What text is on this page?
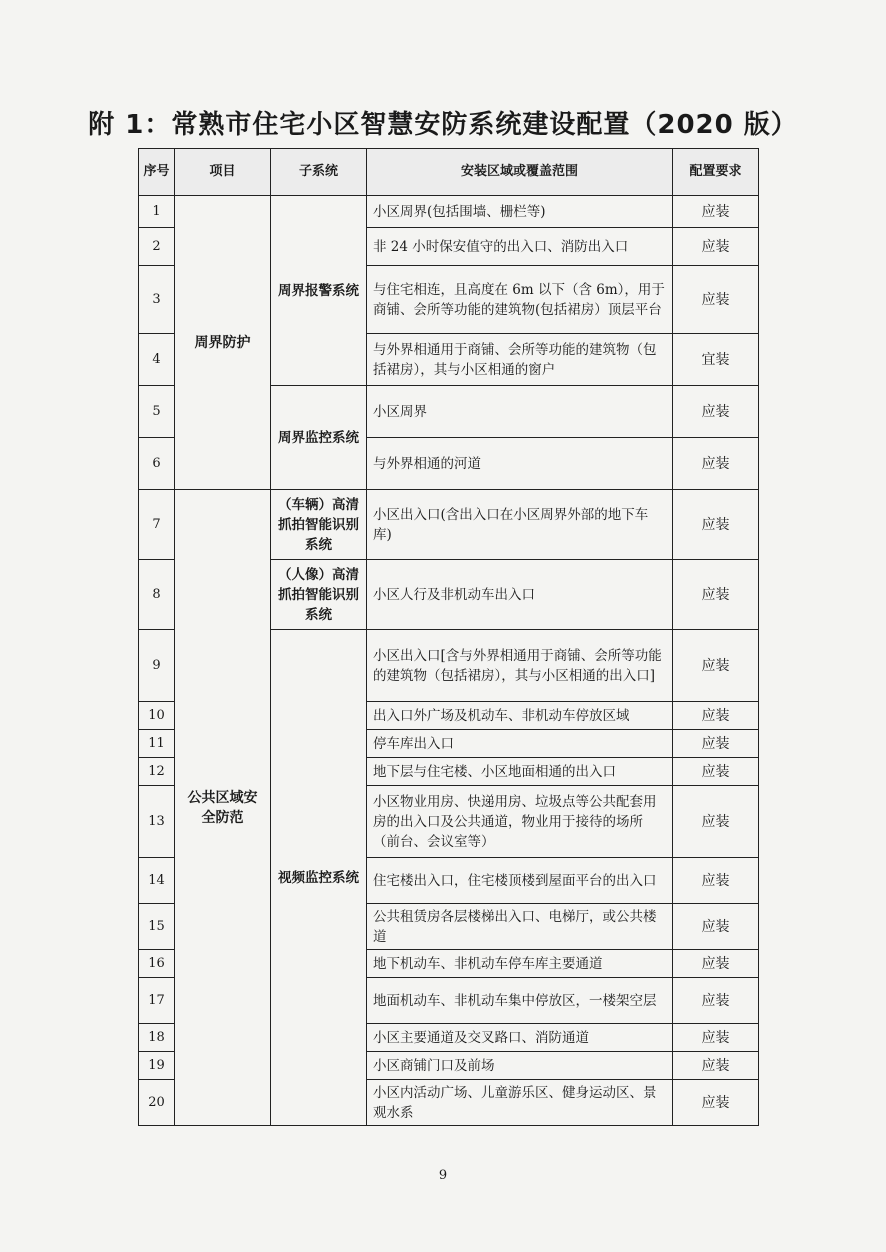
附 1：常熟市住宅小区智慧安防系统建设配置（2020 版）
序号	项目	子系统	安装区域或覆盖范围	配置要求
1	周界防护	周界报警系统	小区周界(包括围墙、栅栏等)	应装
2			非 24 小时保安值守的出入口、消防出入口	应装
3			与住宅相连，且高度在 6m 以下（含 6m），用于商铺、会所等功能的建筑物(包括裙房）顶层平台	应装
4			与外界相通用于商铺、会所等功能的建筑物（包括裙房），其与小区相通的窗户	宜装
5		周界监控系统	小区周界	应装
6			与外界相通的河道	应装
7	公共区域安全防范	（车辆）高清抓拍智能识别系统	小区出入口(含出入口在小区周界外部的地下车库)	应装
8		（人像）高清抓拍智能识别系统	小区人行及非机动车出入口	应装
9		视频监控系统	小区出入口[含与外界相通用于商铺、会所等功能的建筑物（包括裙房），其与小区相通的出入口]	应装
10			出入口外广场及机动车、非机动车停放区域	应装
11			停车库出入口	应装
12			地下层与住宅楼、小区地面相通的出入口	应装
13			小区物业用房、快递用房、垃圾点等公共配套用房的出入口及公共通道，物业用于接待的场所（前台、会议室等）	应装
14			住宅楼出入口，住宅楼顶楼到屋面平台的出入口	应装
15			公共租赁房各层楼梯出入口、电梯厅，或公共楼道	应装
16			地下机动车、非机动车停车库主要通道	应装
17			地面机动车、非机动车集中停放区，一楼架空层	应装
18			小区主要通道及交叉路口、消防通道	应装
19			小区商铺门口及前场	应装
20			小区内活动广场、儿童游乐区、健身运动区、景观水系	应装
9
